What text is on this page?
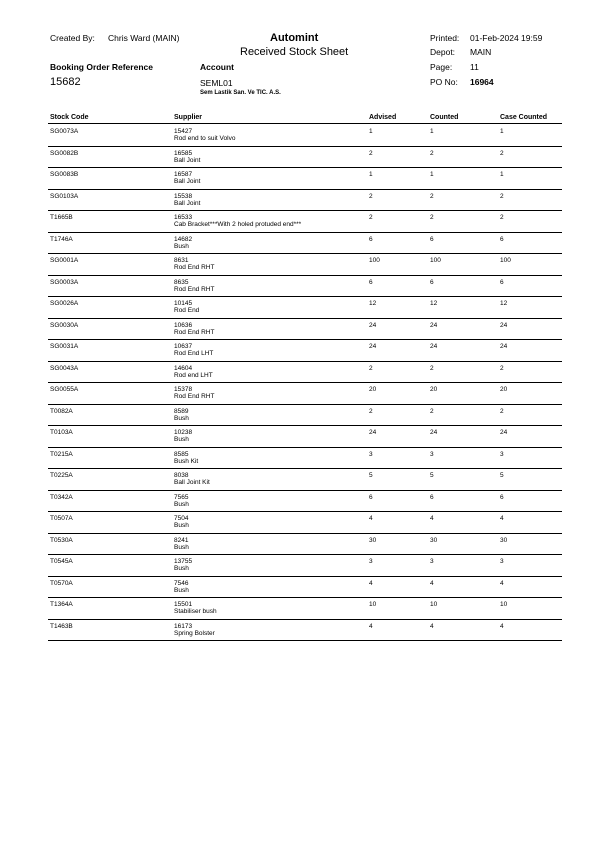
Created By: Chris Ward (MAIN)	Automint
Received Stock Sheet
Printed: 01-Feb-2024 19:59
Depot: MAIN
Booking Order Reference	Account	Page: 11
15682	SEML01	PO No: 16964
Sem Lastik San. Ve TIC. A.S.
Stock Code	Supplier	Advised	Counted	Case Counted
SG0073A	15427	1	1	1
Rod end to suit Volvo
SG0082B	16585	2	2	2
Ball Joint
SG0083B	16587	1	1	1
Ball Joint
SG0103A	15538	2	2	2
Ball Joint
T1665B	16533	2	2	2
Cab Bracket***With 2 holed protuded end***
T1746A	14682	6	6	6
Bush
SG0001A	8631	100	100	100
Rod End RHT
SG0003A	8635	6	6	6
Rod End RHT
SG0026A	10145	12	12	12
Rod End
SG0030A	10636	24	24	24
Rod End RHT
SG0031A	10637	24	24	24
Rod End LHT
SG0043A	14604	2	2	2
Rod end LHT
SG0055A	15378	20	20	20
Rod End RHT
T0082A	8589	2	2	2
Bush
T0103A	10238	24	24	24
Bush
T0215A	8585	3	3	3
Bush Kit
T0225A	8038	5	5	5
Ball Joint Kit
T0342A	7565	6	6	6
Bush
T0507A	7504	4	4	4
Bush
T0530A	8241	30	30	30
Bush
T0545A	13755	3	3	3
Bush
T0570A	7546	4	4	4
Bush
T1364A	15501	10	10	10
Stabiliser bush
T1463B	16173	4	4	4
Spring Bolster
